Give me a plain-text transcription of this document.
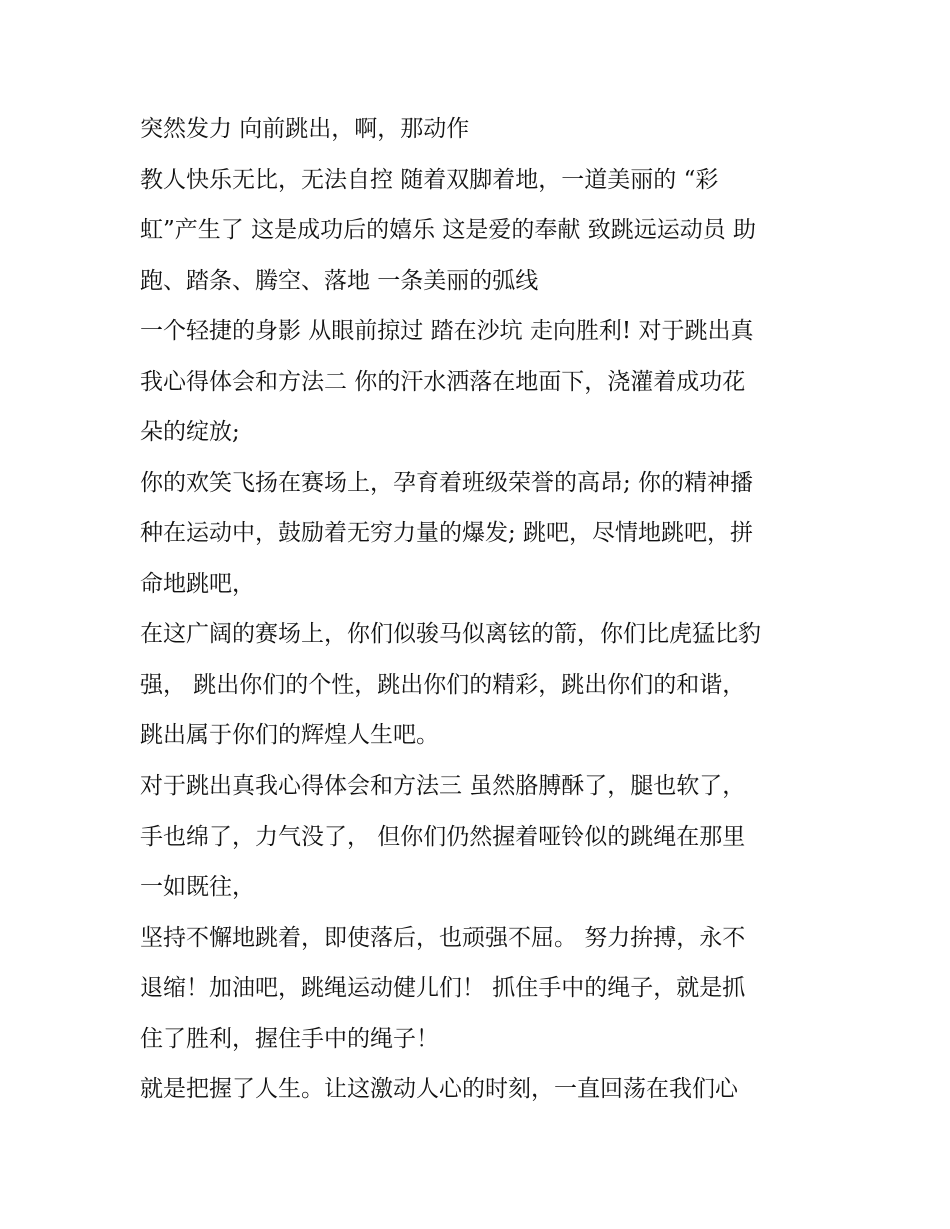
突然发力 向前跳出，啊，那动作
教人快乐无比，无法自控 随着双脚着地，一道美丽的 “彩
虹”产生了 这是成功后的嬉乐 这是爱的奉献 致跳远运动员 助
跑、踏条、腾空、落地 一条美丽的弧线
一个轻捷的身影 从眼前掠过 踏在沙坑 走向胜利! 对于跳出真
我心得体会和方法二 你的汗水洒落在地面下，浇灌着成功花
朵的绽放;
你的欢笑飞扬在赛场上，孕育着班级荣誉的高昂; 你的精神播
种在运动中，鼓励着无穷力量的爆发; 跳吧，尽情地跳吧，拼
命地跳吧，
在这广阔的赛场上，你们似骏马似离铉的箭，你们比虎猛比豹
强， 跳出你们的个性，跳出你们的精彩，跳出你们的和谐，
跳出属于你们的辉煌人生吧。
对于跳出真我心得体会和方法三 虽然胳膊酥了，腿也软了，
手也绵了，力气没了， 但你们仍然握着哑铃似的跳绳在那里
一如既往，
坚持不懈地跳着，即使落后，也顽强不屈。 努力拚搏，永不
退缩！加油吧，跳绳运动健儿们！ 抓住手中的绳子，就是抓
住了胜利，握住手中的绳子！
就是把握了人生。让这激动人心的时刻，一直回荡在我们心
